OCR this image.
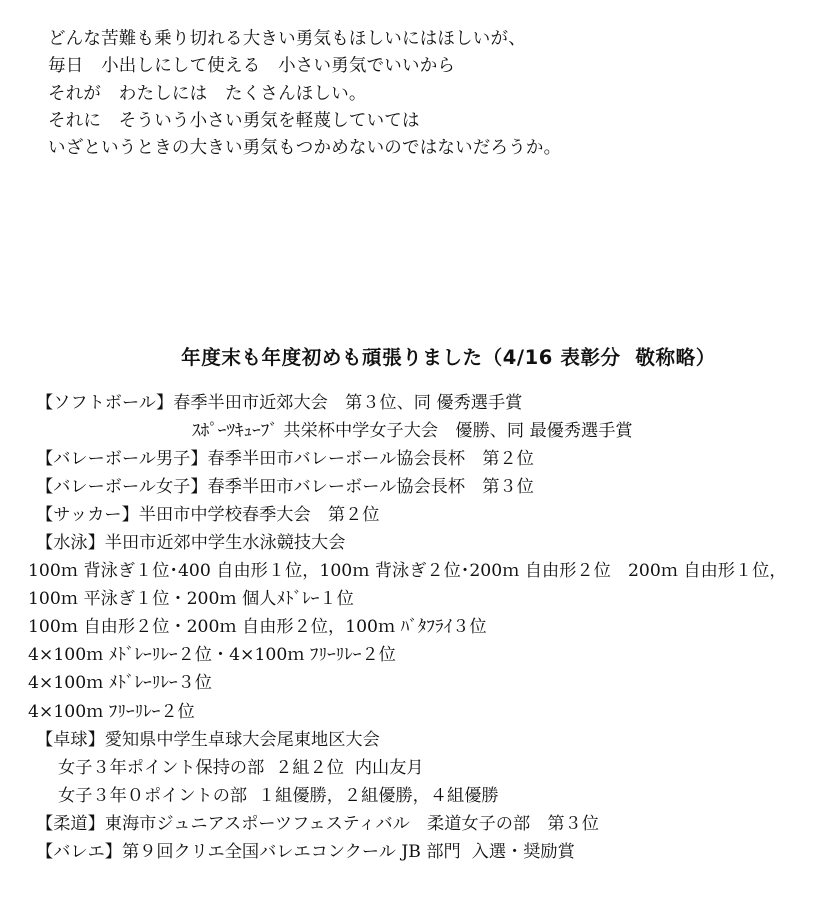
どんな苦難も乗り切れる大きい勇気もほしいにはほしいが、
毎日　小出しにして使える　小さい勇気でいいから
それが　わたしには　たくさんほしい。
それに　そういう小さい勇気を軽蔑していては
いざというときの大きい勇気もつかめないのではないだろうか。
年度末も年度初めも頑張りました（4/16 表彰分  敬称略）
【ソフトボール】春季半田市近郊大会　第３位、同 優秀選手賞
ｽﾎﾟｰﾂｷｭｰﾌﾞ 共栄杯中学女子大会　優勝、同 最優秀選手賞
【バレーボール男子】春季半田市バレーボール協会長杯　第２位
【バレーボール女子】春季半田市バレーボール協会長杯　第３位
【サッカー】半田市中学校春季大会　第２位
【水泳】半田市近郊中学生水泳競技大会
100ｍ 背泳ぎ１位･400 自由形１位，100ｍ 背泳ぎ２位･200ｍ 自由形２位　200ｍ 自由形１位，
100ｍ 平泳ぎ１位・200ｍ 個人ﾒﾄﾞﾚｰ１位
100ｍ 自由形２位・200ｍ 自由形２位，100ｍ ﾊﾞﾀﾌﾗｲ３位
4×100ｍ ﾒﾄﾞﾚｰﾘﾚｰ２位・4×100ｍ ﾌﾘｰﾘﾚｰ２位
4×100ｍ ﾒﾄﾞﾚｰﾘﾚｰ３位
4×100ｍ ﾌﾘｰﾘﾚｰ２位
【卓球】愛知県中学生卓球大会尾東地区大会
女子３年ポイント保持の部  ２組２位  内山友月
女子３年０ポイントの部  １組優勝，２組優勝，４組優勝
【柔道】東海市ジュニアスポーツフェスティバル　柔道女子の部　第３位
【バレエ】第９回クリエ全国バレエコンクール JB 部門  入選・奨励賞
